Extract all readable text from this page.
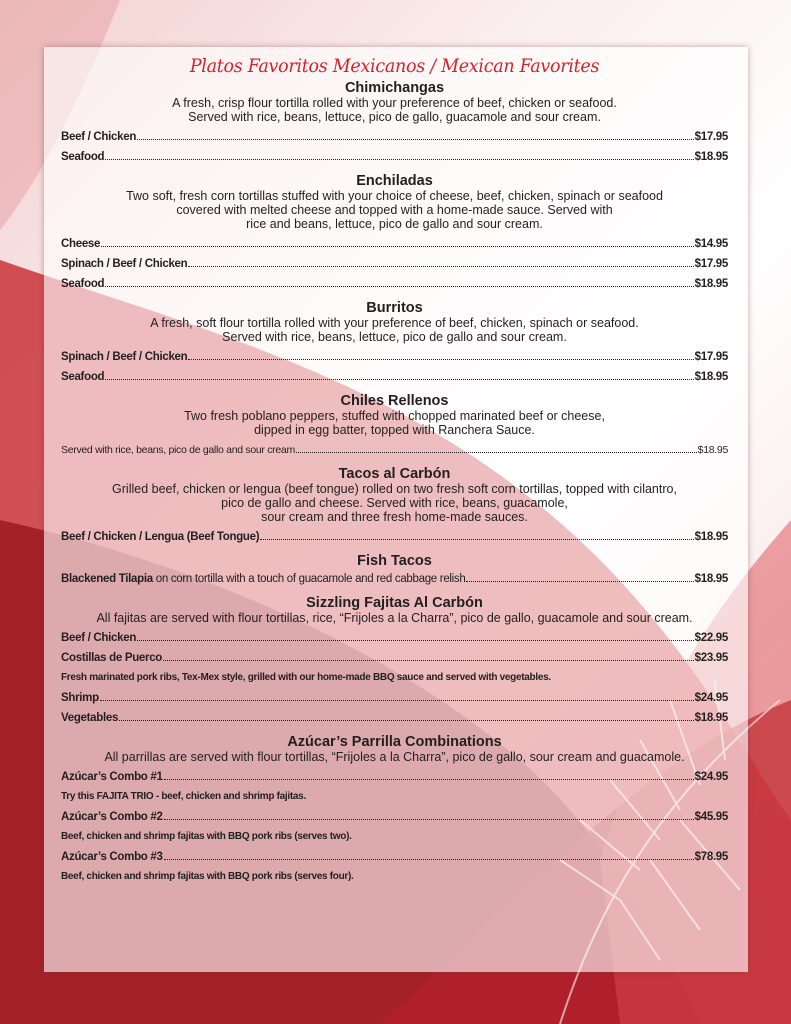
Platos Favoritos Mexicanos / Mexican Favorites
Chimichangas
A fresh, crisp flour tortilla rolled with your preference of beef, chicken or seafood.
Served with rice, beans, lettuce, pico de gallo, guacamole and sour cream.
Beef / Chicken	$17.95
Seafood	$18.95
Enchiladas
Two soft, fresh corn tortillas stuffed with your choice of cheese, beef, chicken, spinach or seafood
covered with melted cheese and topped with a home-made sauce. Served with
rice and beans, lettuce, pico de gallo and sour cream.
Cheese	$14.95
Spinach / Beef / Chicken	$17.95
Seafood	$18.95
Burritos
A fresh, soft flour tortilla rolled with your preference of beef, chicken, spinach or seafood.
Served with rice, beans, lettuce, pico de gallo and sour cream.
Spinach / Beef / Chicken	$17.95
Seafood	$18.95
Chiles Rellenos
Two fresh poblano peppers, stuffed with chopped marinated beef or cheese,
dipped in egg batter, topped with Ranchera Sauce.
Served with rice, beans, pico de gallo and sour cream	$18.95
Tacos al Carbón
Grilled beef, chicken or lengua (beef tongue) rolled on two fresh soft corn tortillas, topped with cilantro,
pico de gallo and cheese. Served with rice, beans, guacamole,
sour cream and three fresh home-made sauces.
Beef / Chicken / Lengua (Beef Tongue)	$18.95
Fish Tacos
Blackened Tilapia on corn tortilla with a touch of guacamole and red cabbage relish	$18.95
Sizzling Fajitas Al Carbón
All fajitas are served with flour tortillas, rice, “Frijoles a la Charra”, pico de gallo, guacamole and sour cream.
Beef / Chicken	$22.95
Costillas de Puerco	$23.95
Fresh marinated pork ribs, Tex-Mex style, grilled with our home-made BBQ sauce and served with vegetables.
Shrimp	$24.95
Vegetables	$18.95
Azúcar’s Parrilla Combinations
All parrillas are served with flour tortillas, “Frijoles a la Charra”, pico de gallo, sour cream and guacamole.
Azúcar’s Combo #1	$24.95
Try this FAJITA TRIO - beef, chicken and shrimp fajitas.
Azúcar’s Combo #2	$45.95
Beef, chicken and shrimp fajitas with BBQ pork ribs (serves two).
Azúcar’s Combo #3	$78.95
Beef, chicken and shrimp fajitas with BBQ pork ribs (serves four).
